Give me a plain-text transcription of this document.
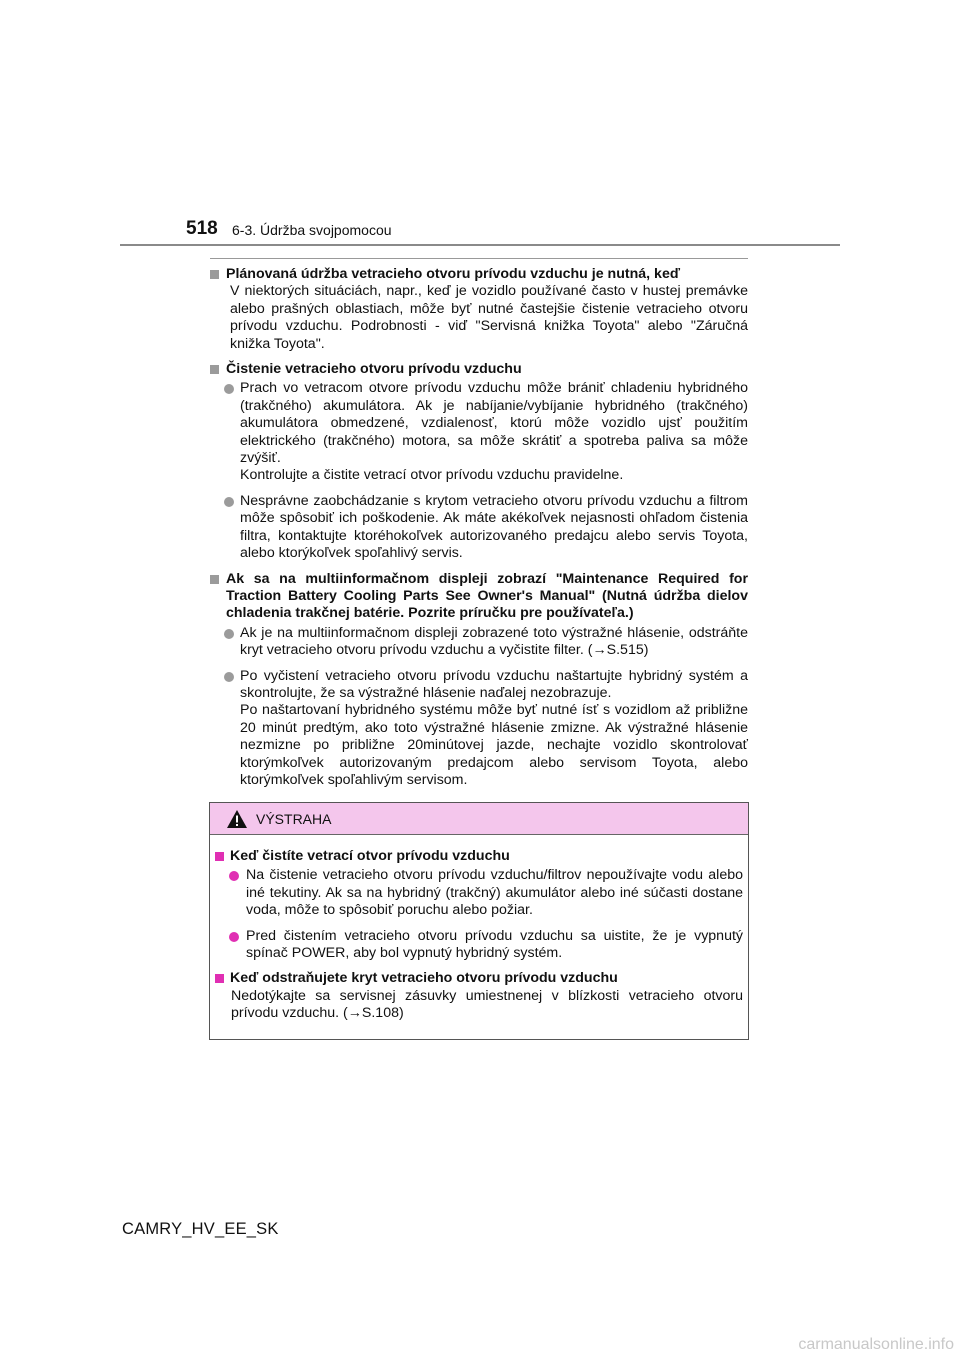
518 6-3. Údržba svojpomocou
Plánovaná údržba vetracieho otvoru prívodu vzduchu je nutná, keď
V niektorých situáciách, napr., keď je vozidlo používané často v hustej premávke alebo prašných oblastiach, môže byť nutné častejšie čistenie vetracieho otvoru prívodu vzduchu. Podrobnosti - viď "Servisná knižka Toyota" alebo "Záručná knižka Toyota".
Čistenie vetracieho otvoru prívodu vzduchu
Prach vo vetracom otvore prívodu vzduchu môže brániť chladeniu hybridného (trakčného) akumulátora. Ak je nabíjanie/vybíjanie hybridného (trakčného) akumulátora obmedzené, vzdialenosť, ktorú môže vozidlo ujsť použitím elektrického (trakčného) motora, sa môže skrátiť a spotreba paliva sa môže zvýšiť.
Kontrolujte a čistite vetrací otvor prívodu vzduchu pravidelne.
Nesprávne zaobchádzanie s krytom vetracieho otvoru prívodu vzduchu a filtrom môže spôsobiť ich poškodenie. Ak máte akékoľvek nejasnosti ohľadom čistenia filtra, kontaktujte ktoréhokoľvek autorizovaného predajcu alebo servis Toyota, alebo ktorýkoľvek spoľahlivý servis.
Ak sa na multiinformačnom displeji zobrazí "Maintenance Required for Traction Battery Cooling Parts See Owner's Manual" (Nutná údržba dielov chladenia trakčnej batérie. Pozrite príručku pre používateľa.)
Ak je na multiinformačnom displeji zobrazené toto výstražné hlásenie, odstráňte kryt vetracieho otvoru prívodu vzduchu a vyčistite filter. (→S.515)
Po vyčistení vetracieho otvoru prívodu vzduchu naštartujte hybridný systém a skontrolujte, že sa výstražné hlásenie naďalej nezobrazuje.
Po naštartovaní hybridného systému môže byť nutné ísť s vozidlom až približne 20 minút predtým, ako toto výstražné hlásenie zmizne. Ak výstražné hlásenie nezmizne po približne 20minútovej jazde, nechajte vozidlo skontrolovať ktorýmkoľvek autorizovaným predajcom alebo servisom Toyota, alebo ktorýmkoľvek spoľahlivým servisom.
VÝSTRAHA
Keď čistíte vetrací otvor prívodu vzduchu
Na čistenie vetracieho otvoru prívodu vzduchu/filtrov nepoužívajte vodu alebo iné tekutiny. Ak sa na hybridný (trakčný) akumulátor alebo iné súčasti dostane voda, môže to spôsobiť poruchu alebo požiar.
Pred čistením vetracieho otvoru prívodu vzduchu sa uistite, že je vypnutý spínač POWER, aby bol vypnutý hybridný systém.
Keď odstraňujete kryt vetracieho otvoru prívodu vzduchu
Nedotýkajte sa servisnej zásuvky umiestnenej v blízkosti vetracieho otvoru prívodu vzduchu. (→S.108)
CAMRY_HV_EE_SK
carmanualsonline.info
